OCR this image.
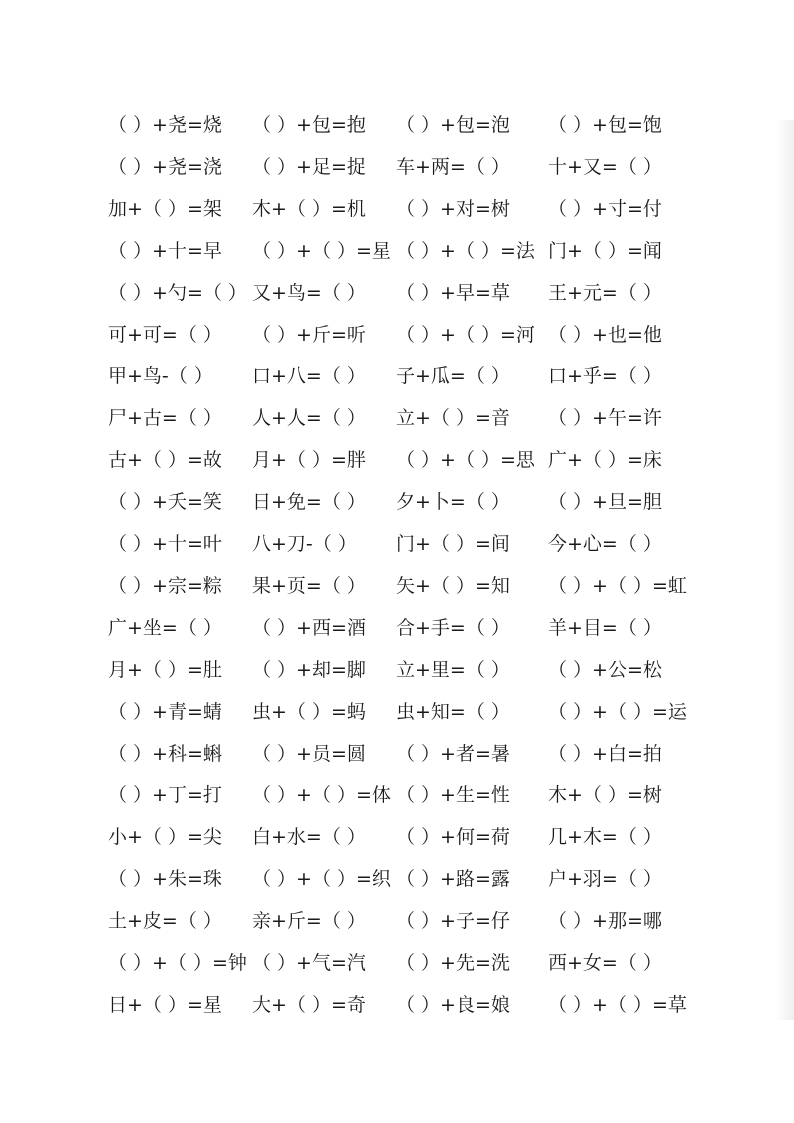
（ ）+尧=烧 （ ）+包=抱 （ ）+包=泡 （ ）+包=饱
（ ）+尧=浇 （ ）+足=捉 车+两=（ ） 十+又=（ ）
加+（ ）=架 木+（ ）=机 （ ）+对=树 （ ）+寸=付
（ ）+十=早 （ ）+（ ）=星 （ ）+（ ）=法 门+（ ）=闻
（ ）+勺=（ ） 又+鸟=（ ） （ ）+早=草 王+元=（ ）
可+可=（ ） （ ）+斤=听 （ ）+（ ）=河 （ ）+也=他
甲+鸟-（ ） 口+八=（ ） 子+瓜=（ ） 口+乎=（ ）
尸+古=（ ） 人+人=（ ） 立+（ ）=音 （ ）+午=许
古+（ ）=故 月+（ ）=胖 （ ）+（ ）=思 广+（ ）=床
（ ）+夭=笑 日+免=（ ） 夕+卜=（ ） （ ）+旦=胆
（ ）+十=叶 八+刀-（ ） 门+（ ）=间 今+心=（ ）
（ ）+宗=粽 果+页=（ ） 矢+（ ）=知 （ ）+（ ）=虹
广+坐=（ ） （ ）+西=酒 合+手=（ ） 羊+目=（ ）
月+（ ）=肚 （ ）+却=脚 立+里=（ ） （ ）+公=松
（ ）+青=蜻 虫+（ ）=蚂 虫+知=（ ） （ ）+（ ）=运
（ ）+科=蝌 （ ）+员=圆 （ ）+者=暑 （ ）+白=拍
（ ）+丁=打 （ ）+（ ）=体 （ ）+生=性 木+（ ）=树
小+（ ）=尖 白+水=（ ） （ ）+何=荷 几+木=（ ）
（ ）+朱=珠 （ ）+（ ）=织 （ ）+路=露 户+羽=（ ）
土+皮=（ ） 亲+斤=（ ） （ ）+子=仔 （ ）+那=哪
（ ）+（ ）=钟 （ ）+气=汽 （ ）+先=洗 西+女=（ ）
日+（ ）=星 大+（ ）=奇 （ ）+良=娘 （ ）+（ ）=草
